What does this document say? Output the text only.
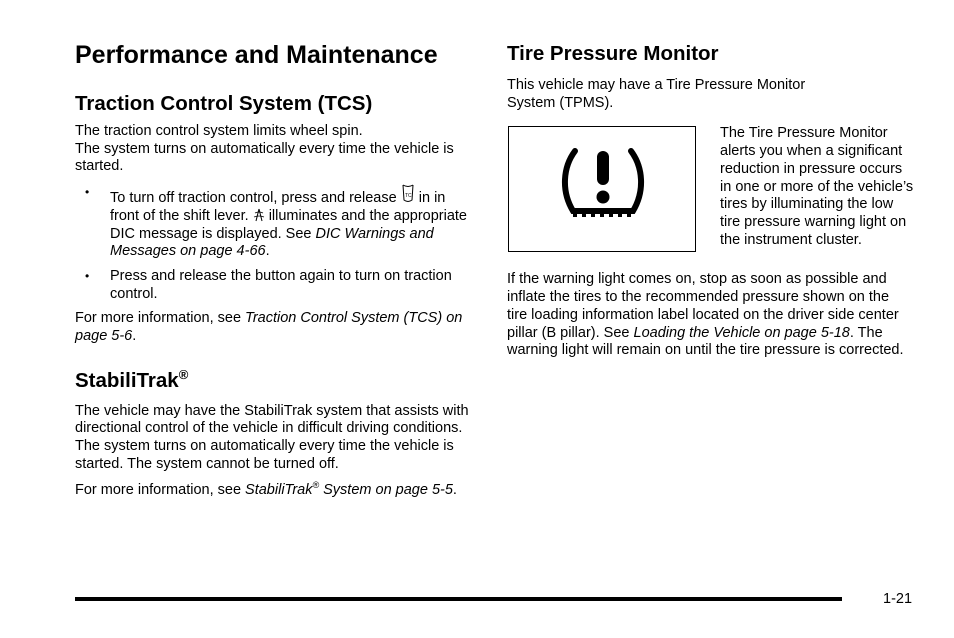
Performance and Maintenance
Traction Control System (TCS)

The traction control system limits wheel spin.
The system turns on automatically every time the vehicle is started.

• To turn off traction control, press and release TC in in front of the shift lever. illuminates and the appropriate DIC message is displayed. See DIC Warnings and Messages on page 4-66.
• Press and release the button again to turn on traction control.

For more information, see Traction Control System (TCS) on page 5-6.

StabiliTrak®

The vehicle may have the StabiliTrak system that assists with directional control of the vehicle in difficult driving conditions. The system turns on automatically every time the vehicle is started. The system cannot be turned off.

For more information, see StabiliTrak® System on page 5-5.

Tire Pressure Monitor

This vehicle may have a Tire Pressure Monitor System (TPMS).

The Tire Pressure Monitor alerts you when a significant reduction in pressure occurs in one or more of the vehicle’s tires by illuminating the low tire pressure warning light on the instrument cluster.

If the warning light comes on, stop as soon as possible and inflate the tires to the recommended pressure shown on the tire loading information label located on the driver side center pillar (B pillar). See Loading the Vehicle on page 5-18. The warning light will remain on until the tire pressure is corrected.

1-21
